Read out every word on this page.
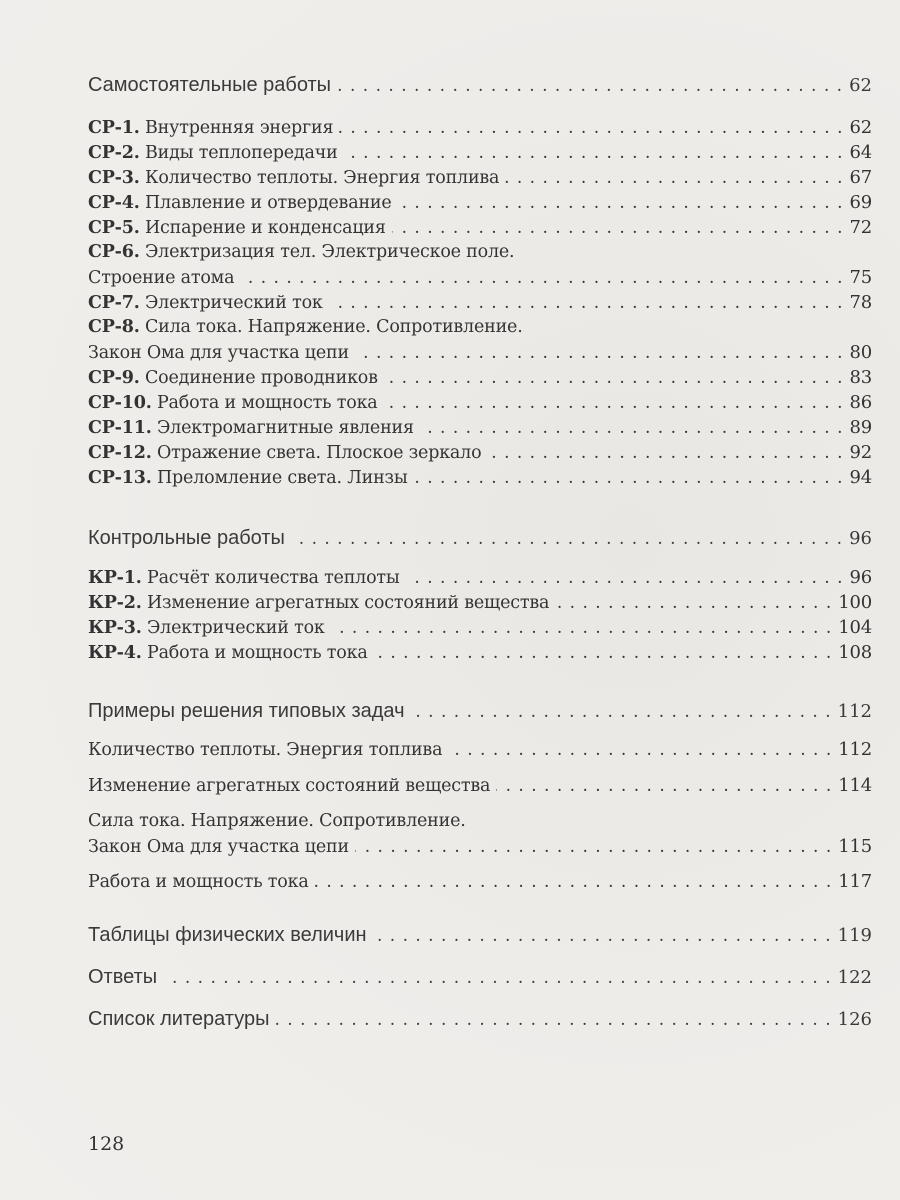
Самостоятельные работы . . .	62
СР-1. Внутренняя энергия . . .	62
СР-2. Виды теплопередачи . . .	64
СР-3. Количество теплоты. Энергия топлива . . .	67
СР-4. Плавление и отвердевание . . .	69
СР-5. Испарение и конденсация . . .	72
СР-6. Электризация тел. Электрическое поле.
Строение атома . . .	75
СР-7. Электрический ток . . .	78
СР-8. Сила тока. Напряжение. Сопротивление.
Закон Ома для участка цепи . . .	80
СР-9. Соединение проводников . . .	83
СР-10. Работа и мощность тока . . .	86
СР-11. Электромагнитные явления . . .	89
СР-12. Отражение света. Плоское зеркало . . .	92
СР-13. Преломление света. Линзы . . .	94
Контрольные работы . . .	96
КР-1. Расчёт количества теплоты . . .	96
КР-2. Изменение агрегатных состояний вещества . . .	100
КР-3. Электрический ток . . .	104
КР-4. Работа и мощность тока . . .	108
Примеры решения типовых задач . . .	112
Количество теплоты. Энергия топлива . . .	112
Изменение агрегатных состояний вещества . . .	114
Сила тока. Напряжение. Сопротивление.
Закон Ома для участка цепи . . .	115
Работа и мощность тока . . .	117
Таблицы физических величин . . .	119
Ответы . . .	122
Список литературы . . .	126
128
